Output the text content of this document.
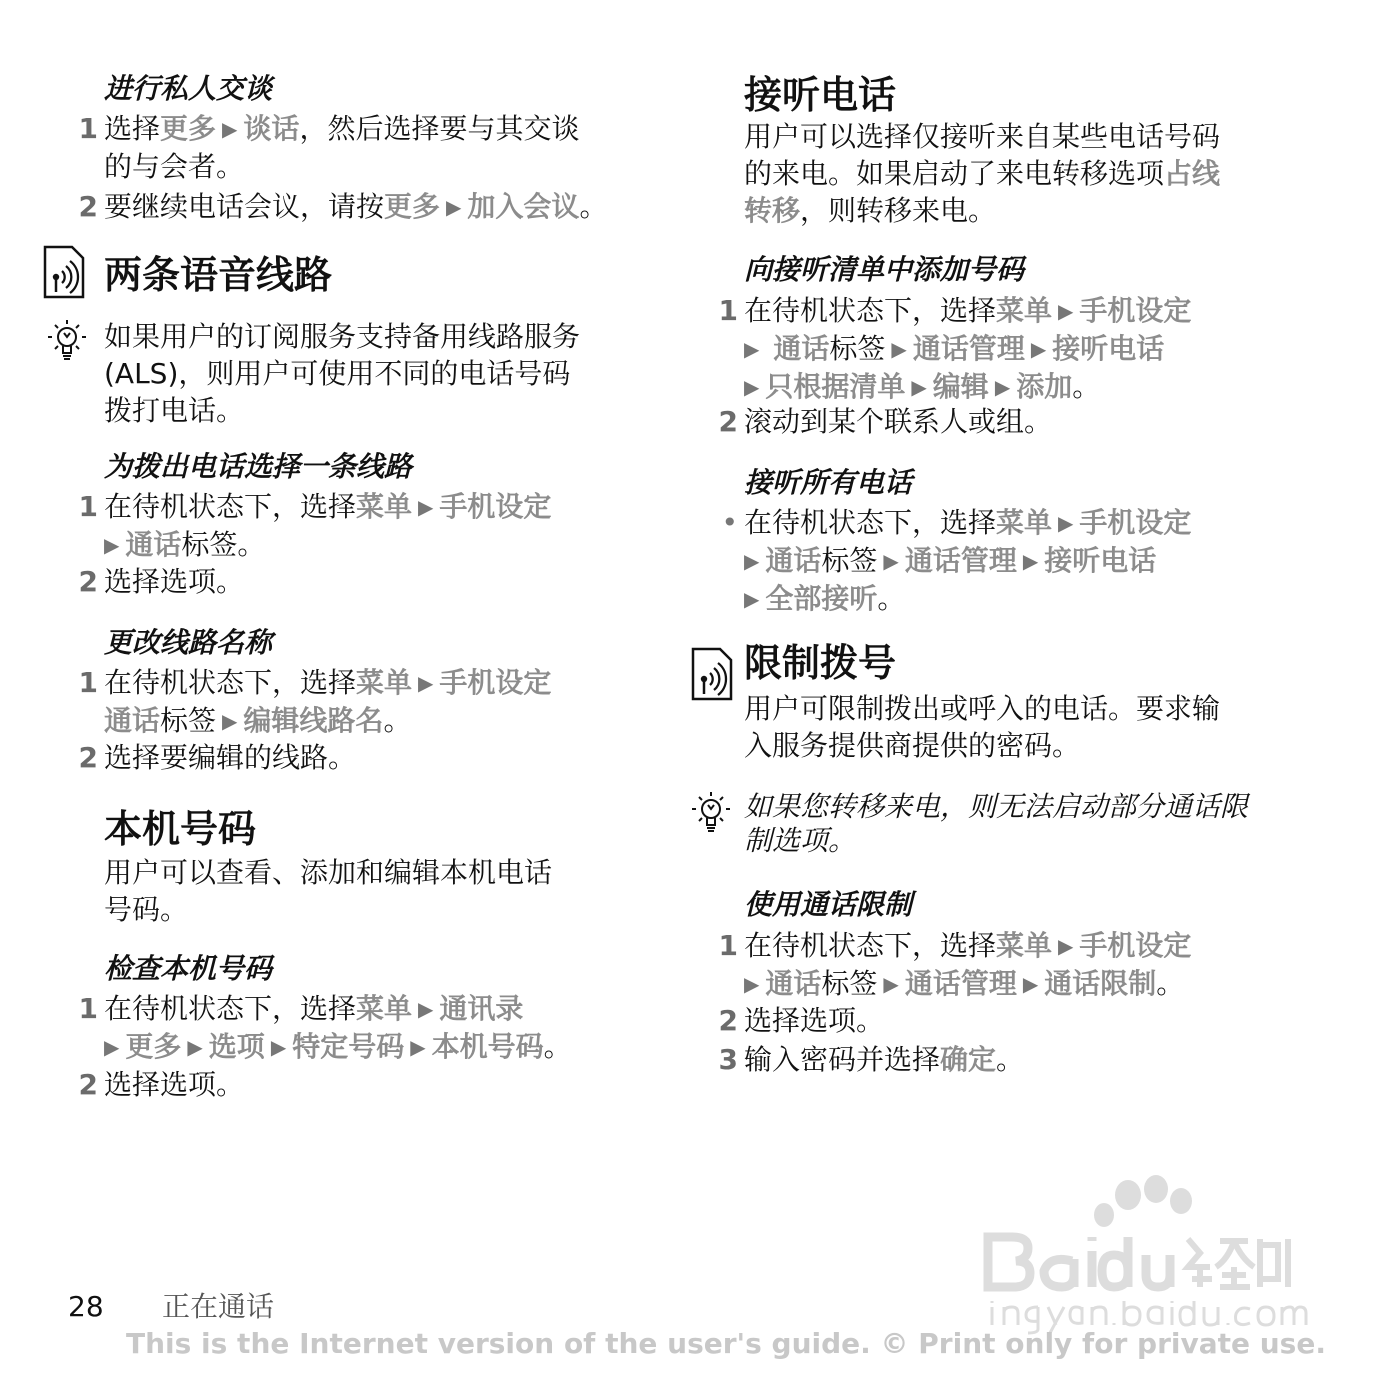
进行私人交谈
1 选择更多 ▶ 谈话，然后选择要与其交谈

的与会者。

2 要继续电话会议，请按更多 ▶ 加入会议。

两条语音线路

如果用户的订阅服务支持备用线路服务

(ALS)，则用户可使用不同的电话号码

拨打电话。

为拨出电话选择一条线路
1 在待机状态下，选择菜单 ▶ 手机设定

▶ 通话标签。

2 选择选项。

更改线路名称
1 在待机状态下，选择菜单 ▶ 手机设定

通话标签 ▶ 编辑线路名。

2 选择要编辑的线路。

本机号码

用户可以查看、添加和编辑本机电话

号码。

检查本机号码
1 在待机状态下，选择菜单 ▶ 通讯录

▶ 更多 ▶ 选项 ▶ 特定号码 ▶ 本机号码。

2 选择选项。

接听电话

用户可以选择仅接听来自某些电话号码

的来电。如果启动了来电转移选项占线

转移，则转移来电。

向接听清单中添加号码
1 在待机状态下，选择菜单 ▶ 手机设定

▶ 通话标签 ▶ 通话管理 ▶ 接听电话

▶ 只根据清单 ▶ 编辑 ▶ 添加。

2 滚动到某个联系人或组。

接听所有电话
• 在待机状态下，选择菜单 ▶ 手机设定

▶ 通话标签 ▶ 通话管理 ▶ 接听电话

▶ 全部接听。

限制拨号

用户可限制拨出或呼入的电话。要求输

入服务提供商提供的密码。

如果您转移来电，则无法启动部分通话限

制选项。

使用通话限制
1 在待机状态下，选择菜单 ▶ 手机设定

▶ 通话标签 ▶ 通话管理 ▶ 通话限制。

2 选择选项。

3 输入密码并选择确定。

28 正在通话
This is the Internet version of the user's guide. © Print only for private use.
